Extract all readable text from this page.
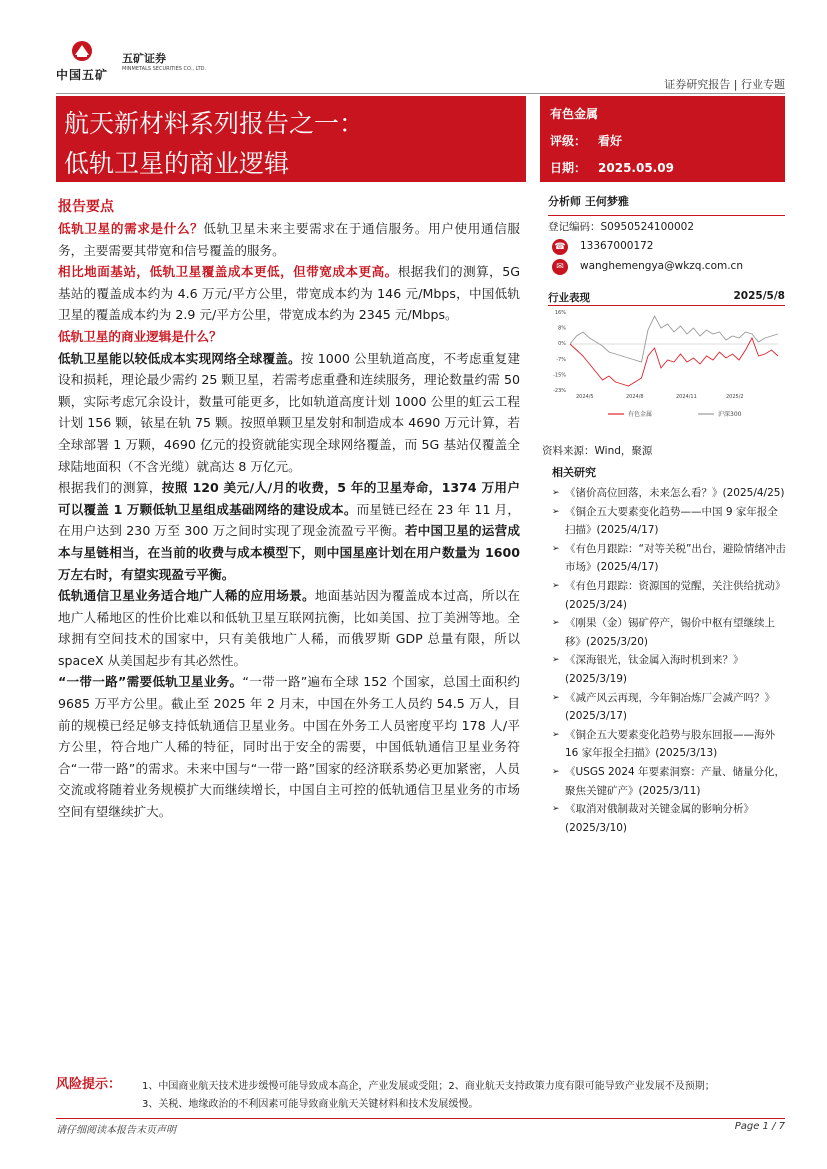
中国五矿
五矿证券
MINMETALS SECURITIES CO., LTD.
证券研究报告 | 行业专题
航天新材料系列报告之一：
低轨卫星的商业逻辑
有色金属
评级： 看好
日期： 2025.05.09
报告要点

低轨卫星的需求是什么？低轨卫星未来主要需求在于通信服务。用户使用通信服务，主要需要其带宽和信号覆盖的服务。

相比地面基站，低轨卫星覆盖成本更低，但带宽成本更高。根据我们的测算，5G 基站的覆盖成本约为 4.6 万元/平方公里，带宽成本约为 146 元/Mbps，中国低轨卫星的覆盖成本约为 2.9 元/平方公里，带宽成本约为 2345 元/Mbps。

低轨卫星的商业逻辑是什么？

低轨卫星能以较低成本实现网络全球覆盖。按 1000 公里轨道高度，不考虑重复建设和损耗，理论最少需约 25 颗卫星，若需考虑重叠和连续服务，理论数量约需 50 颗，实际考虑冗余设计，数量可能更多，比如轨道高度计划 1000 公里的虹云工程计划 156 颗，铱星在轨 75 颗。按照单颗卫星发射和制造成本 4690 万元计算，若全球部署 1 万颗，4690 亿元的投资就能实现全球网络覆盖，而 5G 基站仅覆盖全球陆地面积（不含光缆）就高达 8 万亿元。

根据我们的测算，按照 120 美元/人/月的收费，5 年的卫星寿命，1374 万用户可以覆盖 1 万颗低轨卫星组成基础网络的建设成本。而星链已经在 23 年 11 月，在用户达到 230 万至 300 万之间时实现了现金流盈亏平衡。若中国卫星的运营成本与星链相当，在当前的收费与成本模型下，则中国星座计划在用户数量为 1600 万左右时，有望实现盈亏平衡。

低轨通信卫星业务适合地广人稀的应用场景。地面基站因为覆盖成本过高，所以在地广人稀地区的性价比难以和低轨卫星互联网抗衡，比如美国、拉丁美洲等地。全球拥有空间技术的国家中，只有美俄地广人稀，而俄罗斯 GDP 总量有限，所以 spaceX 从美国起步有其必然性。

“一带一路”需要低轨卫星业务。“一带一路”遍布全球 152 个国家，总国土面积约 9685 万平方公里。截止至 2025 年 2 月末，中国在外务工人员约 54.5 万人，目前的规模已经足够支持低轨通信卫星业务。中国在外务工人员密度平均 178 人/平方公里，符合地广人稀的特征，同时出于安全的需要，中国低轨通信卫星业务符合“一带一路”的需求。未来中国与“一带一路”国家的经济联系势必更加紧密，人员交流或将随着业务规模扩大而继续增长，中国自主可控的低轨通信卫星业务的市场空间有望继续扩大。

分析师 王何梦雅
登记编码：S0950524100002
☎ 13367000172
✉	wanghemengya@wkzq.com.cn
行业表现	2025/5/8
16%
8%
0%
-7%
-15%
-23%
2024/5	2024/8	2024/11	2025/2
有色金属	沪深300
资料来源：Wind，聚源
相关研究
➢ 《锗价高位回落，未来怎么看？》(2025/4/25)
➢ 《铜企五大要素变化趋势——中国 9 家年报全扫描》(2025/4/17)
➢ 《有色月跟踪：“对等关税”出台，避险情绪冲击市场》(2025/4/17)
➢ 《有色月跟踪：资源国的觉醒，关注供给扰动》(2025/3/24)
➢ 《刚果（金）锡矿停产，锡价中枢有望继续上移》(2025/3/20)
➢ 《深海银光，钛金属入海时机到来？》(2025/3/19)
➢ 《减产风云再现，今年铜冶炼厂会减产吗？》(2025/3/17)
➢ 《铜企五大要素变化趋势与股东回报——海外 16 家年报全扫描》(2025/3/13)
➢ 《USGS 2024 年要素洞察：产量、储量分化，聚焦关键矿产》(2025/3/11)
➢ 《取消对俄制裁对关键金属的影响分析》(2025/3/10)
风险提示： 1、中国商业航天技术进步缓慢可能导致成本高企，产业发展或受阻；2、商业航天支持政策力度有限可能导致产业发展不及预期；
3、关税、地缘政治的不利因素可能导致商业航天关键材料和技术发展缓慢。
请仔细阅读本报告末页声明	Page 1 / 7
